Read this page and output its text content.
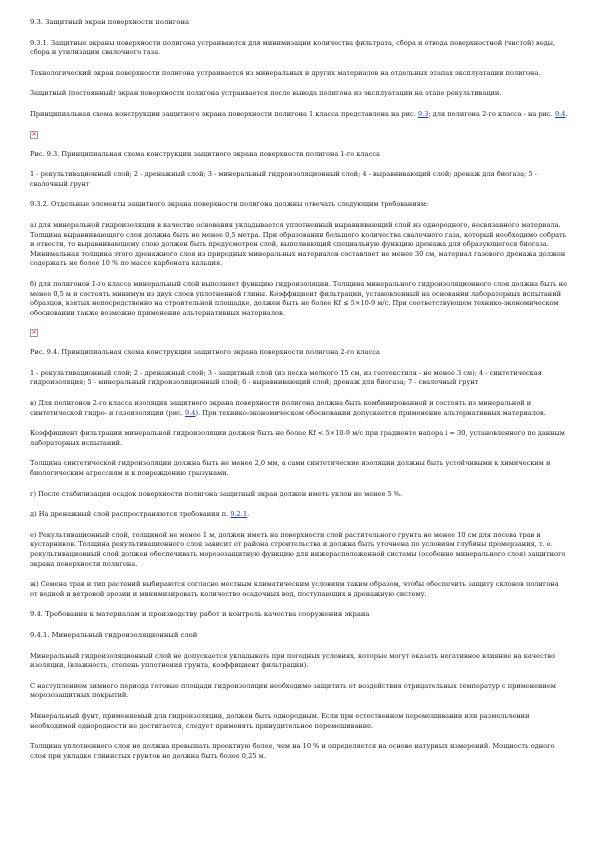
9.3. Защитный экран поверхности полигона

9.3.1. Защитные экраны поверхности полигона устраиваются для минимизации количества фильтрата, сбора и отвода поверхностной (чистой) воды, сбора и утилизации свалочного газа.

Технологический экран поверхности полигона устраивается из минеральных и других материалов на отдельных этапах эксплуатации полигона.

Защитный (постоянный) экран поверхности полигона устраивается после вывода полигона из эксплуатации на этапе рекультивации.

Принципиальная схема конструкции защитного экрана поверхности полигона 1 класса представлена на рис. 9.3; для полигона 2-го класса - на рис. 9.4.

×

Рис. 9.3. Принципиальная схема конструкции защитного экрана поверхности полигона 1-го класса

1 - рекультивационный слой; 2 - дренажный слой; 3 - минеральный гидроизоляционный слой; 4 - выравнивающий слой; дренаж для биогаза; 5 - свалочный грунт

9.3.2. Отдельные элементы защитного экрана поверхности полигона должны отвечать следующим требованиям:

а) для минеральной гидроизоляции в качестве основания укладывается уплотненный выравнивающий слой из однородного, несвязанного материала. Толщина выравнивающего слоя должна быть не менее 0,5 метра. При образовании большого количества свалочного газа, который необходимо собрать и отвести, то выравнивающему слою должен быть предусмотрен слой, выполняющий специальную функцию дренажа для образующегося биогаза. Минимальная толщина этого дренажного слоя из природных минеральных материалов составляет не менее 30 см, материал газового дренажа должен содержать не более 10 % по массе карбоната кальция.

б) для полигонов 1-го класса минеральный слой выполняет функцию гидроизоляции. Толщина минерального гидроизоляционного слоя должна быть не менее 0,5 м и состоять минимум из двух слоев уплотненной глины. Коэффициент фильтрации, установленный на основании лабораторных испытаний образцов, взятых непосредственно на строительной площадке, должен быть не более Кf ≤ 5×10-9 м/с. При соответствующем технико-экономическом обосновании также возможно применение альтернативных материалов.

×

Рис. 9.4. Принципиальная схема конструкции защитного экрана поверхности полигона 2-го класса

1 - рекультивационный слой; 2 - дренажный слой; 3 - защитный слой (из песка мелкого 15 см, из геотекстиля - не менее 3 см); 4 - синтетическая гидроизоляция; 5 - минеральный гидроизоляционный слой; 6 - выравнивающий слой; дренаж для биогаза; 7 - свалочный грунт

в) Для полигонов 2-го класса изоляция защитного экрана поверхности полигона должна быть комбинированной и состоять из минеральной и синтетической гидро- и газоизоляции (рис. 9.4). При технико-экономическом обосновании допускается применение альтернативных материалов.

Коэффициент фильтрации минеральной гидроизоляции должен быть не более Кf < 5×10-9 м/с при градиенте напора i = 30, установленного по данным лабораторных испытаний.

Толщина синтетической гидроизоляции должна быть не менее 2,0 мм, а сами синтетические изоляции должны быть устойчивыми к химическим и биологическим агрессиям и к повреждению грызунами.

г) После стабилизации осадок поверхности полигона защитный экран должен иметь уклон не менее 5 %.

д) На дренажный слой распространяются требования п. 9.2.1.

е) Рекультивационный слой, толщиной не менее 1 м, должен иметь на поверхности слой растительного грунта не менее 10 см для посева трав и кустарников. Толщина рекультивационного слоя зависит от района строительства и должна быть уточнена по условиям глубины промерзания, т. е. рекультивационный слой должен обеспечивать морозозащитную функцию для нижерасположенной системы (особенно минерального слоя) защитного экрана поверхности полигона.

ж) Семена трав и тип растений выбираются согласно местным климатическим условиям таким образом, чтобы обеспечить защиту склонов полигона от водной и ветровой эрозии и минимизировать количество осадочных вод, поступающих в дренажную систему.

9.4. Требования к материалам и производству работ и контроль качества сооружения экрана

9.4.1. Минеральный гидроизоляционный слой

Минеральный гидроизоляционный слой не допускается укладывать при погодных условиях, которые могут оказать негативное влияние на качество изоляции, (влажность, степень уплотнения грунта, коэффициент фильтрации).

С наступлением зимнего периода готовые площади гидроизоляции необходимо защитить от воздействия отрицательных температур с применением морозозащитных покрытий.

Минеральный фунт, применяемый для гидроизоляции, должен быть однородным. Если при естественном перемешивании или размельчении необходимой однородности не достигается, следует применять принудительное перемешивание.

Толщина уплотненного слоя не должна превышать проектную более, чем на 10 % и определяется на основе натурных измерений. Мощность одного слоя при укладке глинистых грунтов не должна быть более 0,25 м.
